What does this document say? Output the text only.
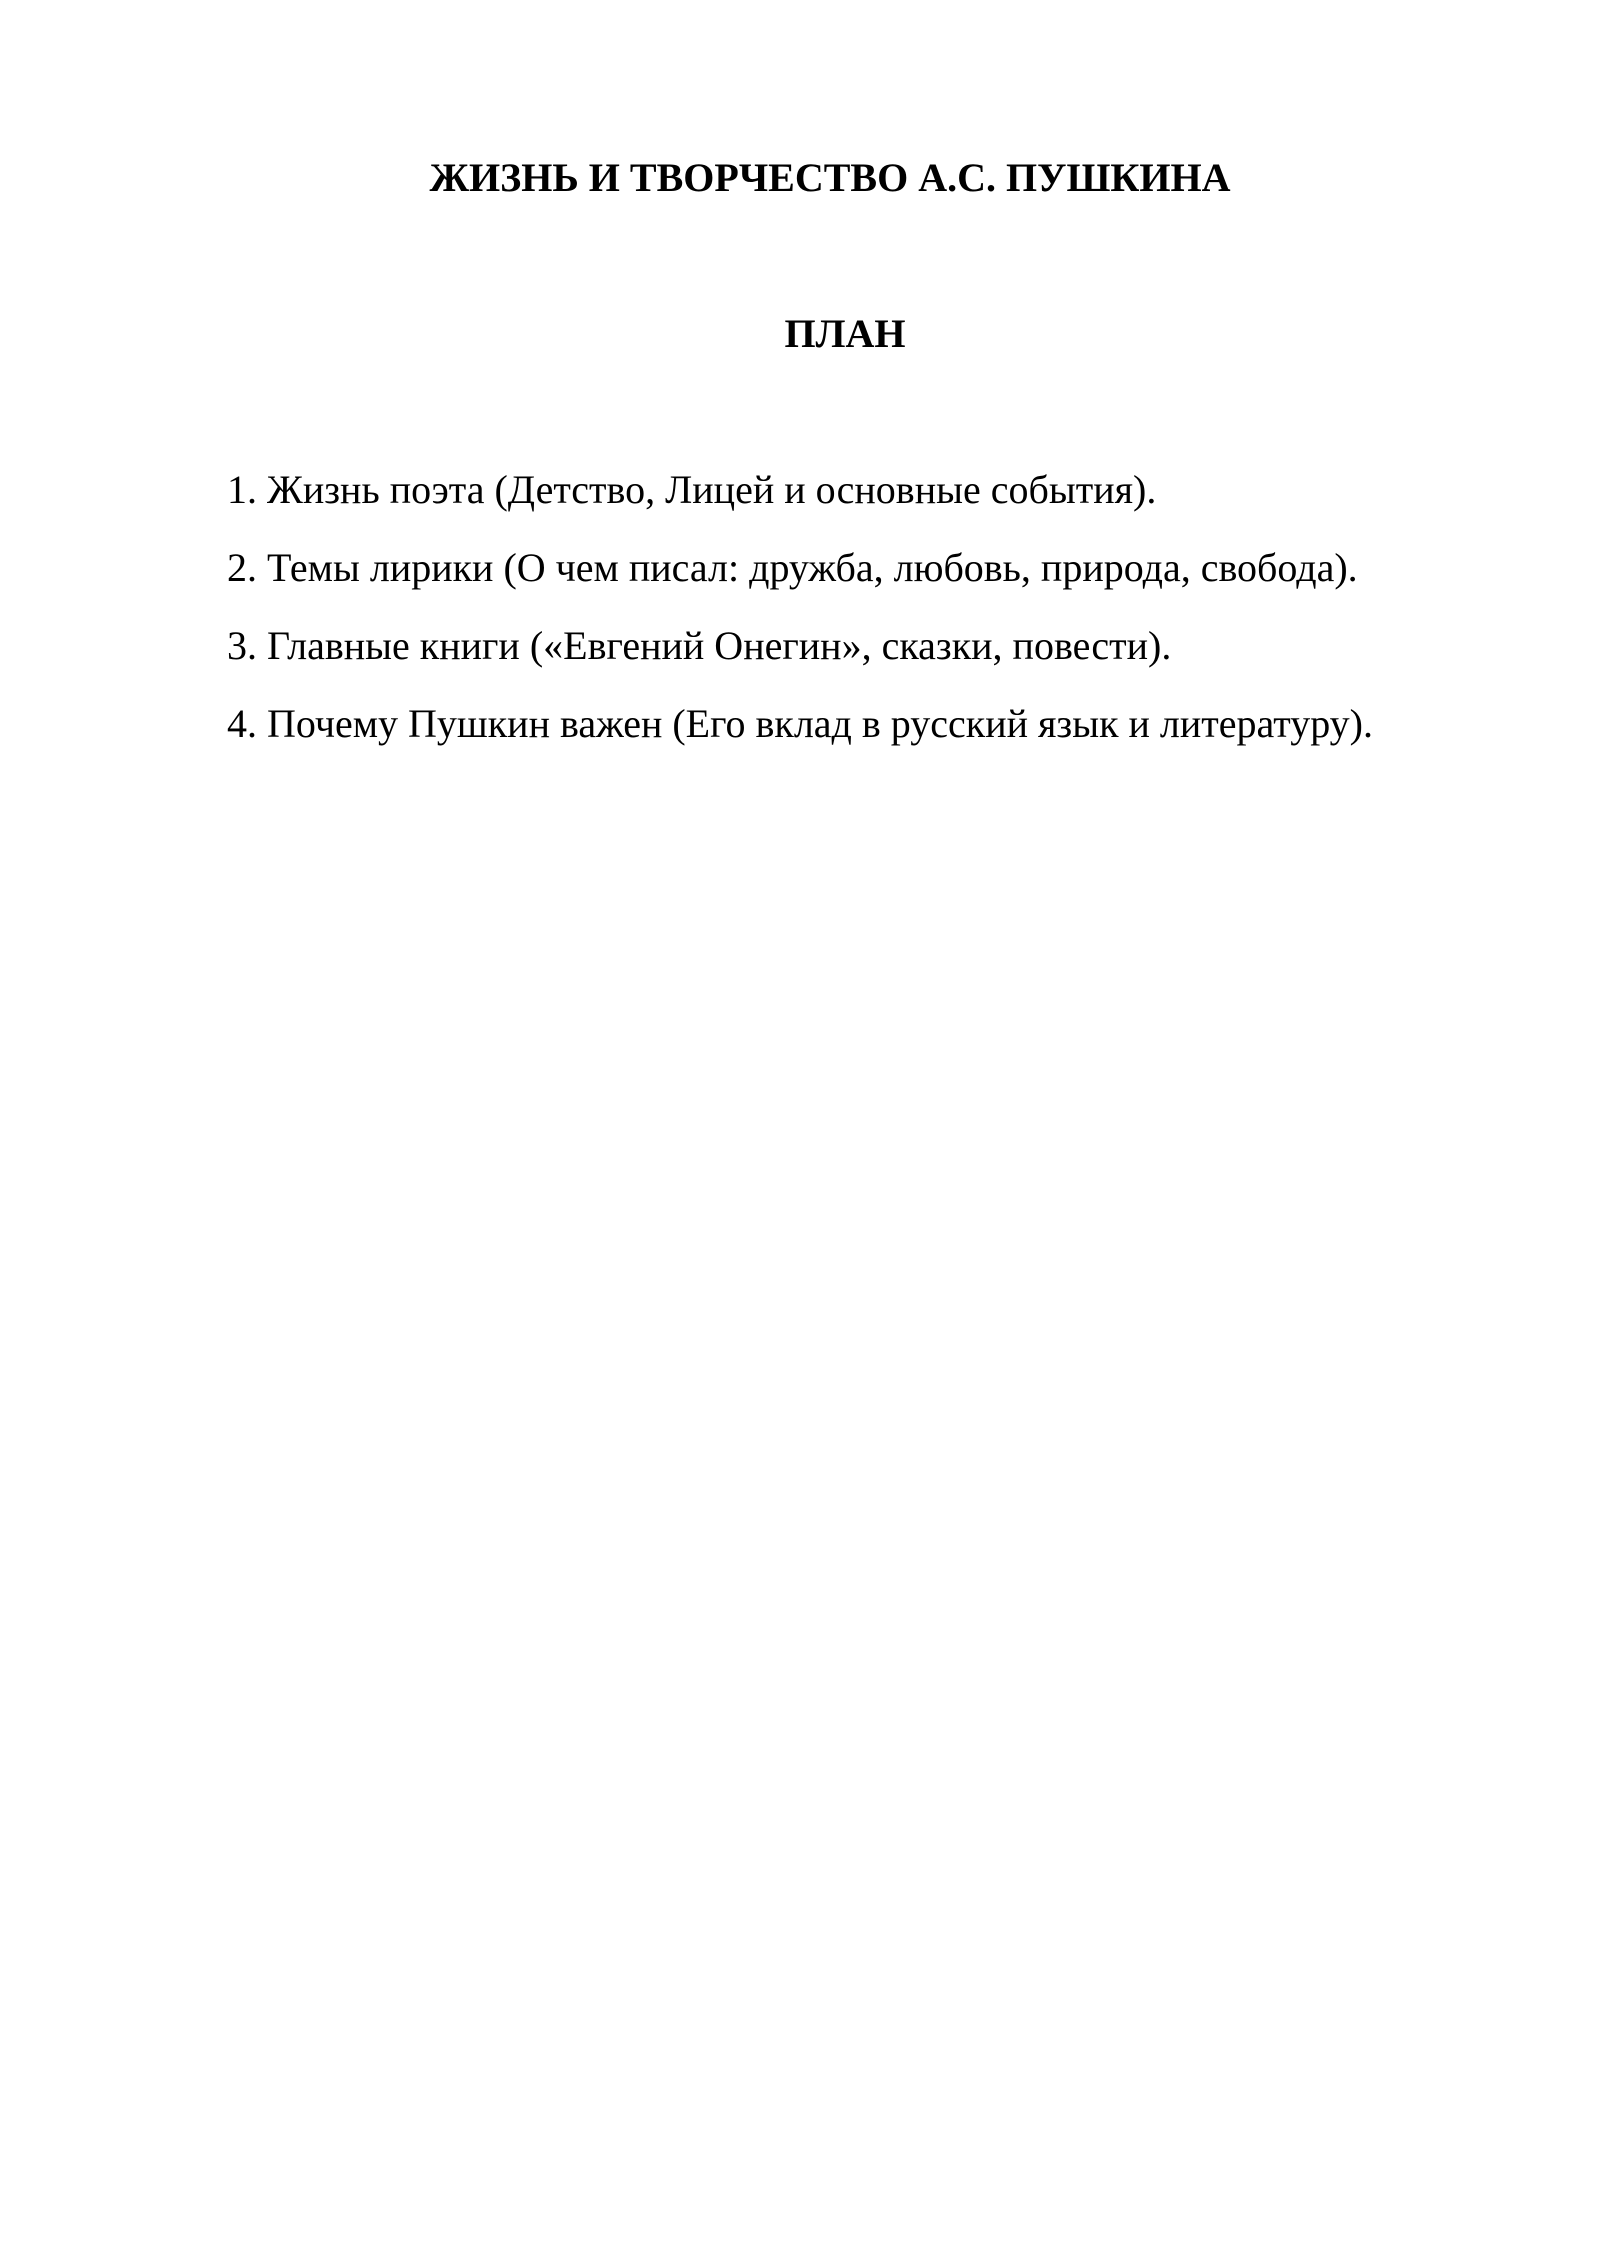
ЖИЗНЬ И ТВОРЧЕСТВО А.С. ПУШКИНА
ПЛАН
1. Жизнь поэта (Детство, Лицей и основные события).
2. Темы лирики (О чем писал: дружба, любовь, природа, свобода).
3. Главные книги («Евгений Онегин», сказки, повести).
4. Почему Пушкин важен (Его вклад в русский язык и литературу).
